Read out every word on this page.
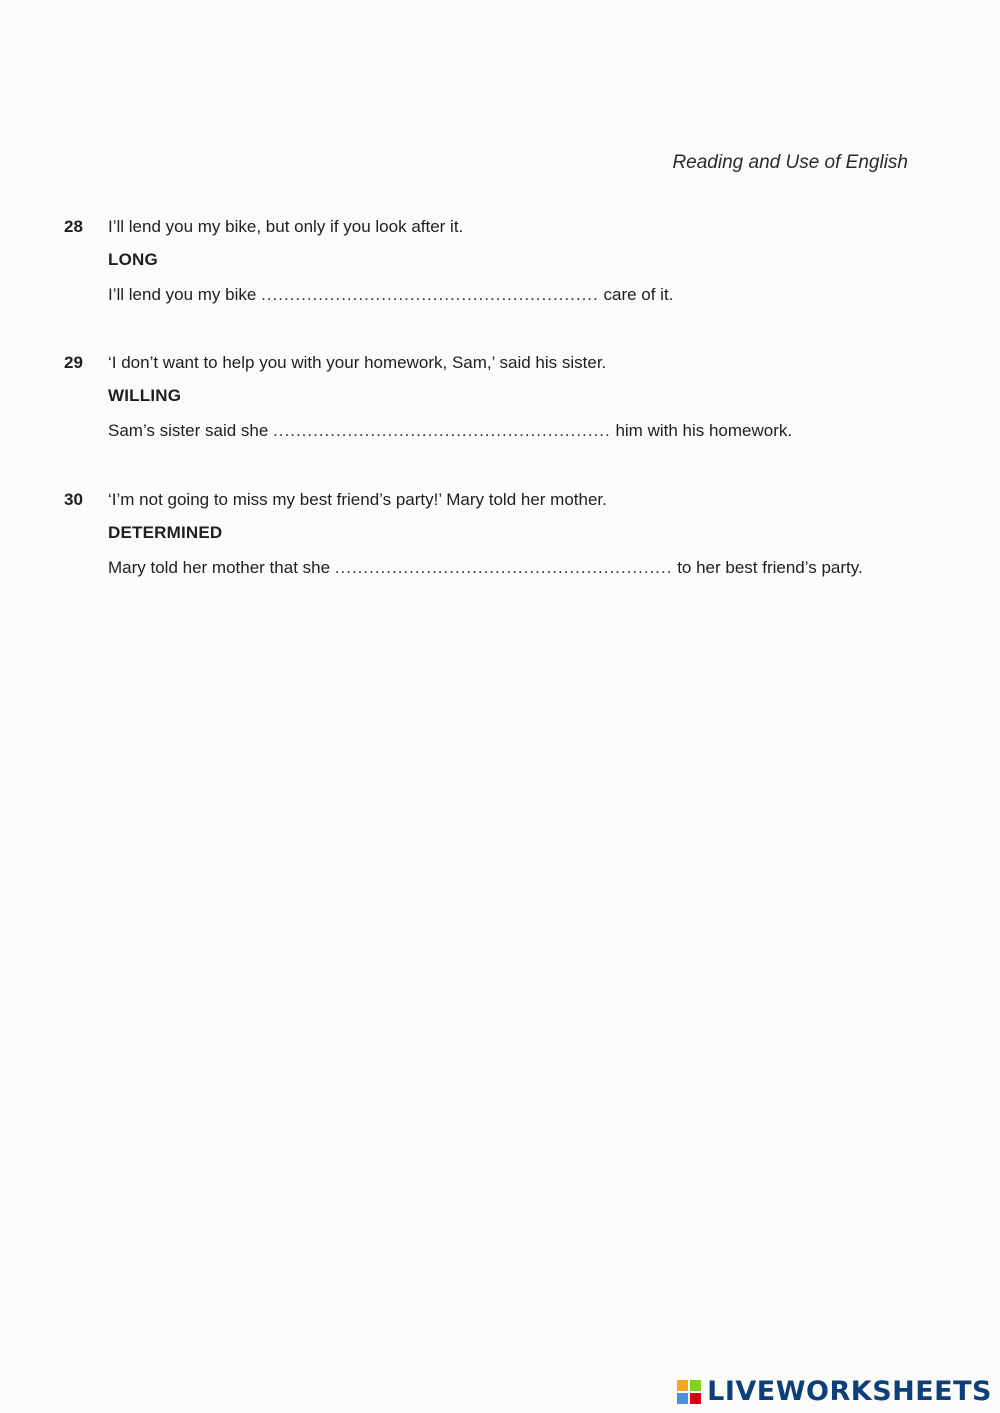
Reading and Use of English
28	I’ll lend you my bike, but only if you look after it.
LONG
I’ll lend you my bike ........................................................... care of it.
29	‘I don’t want to help you with your homework, Sam,’ said his sister.
WILLING
Sam’s sister said she ........................................................... him with his homework.
30	‘I’m not going to miss my best friend’s party!’ Mary told her mother.
DETERMINED
Mary told her mother that she ........................................................... to her best friend’s party.
LIVEWORKSHEETS
